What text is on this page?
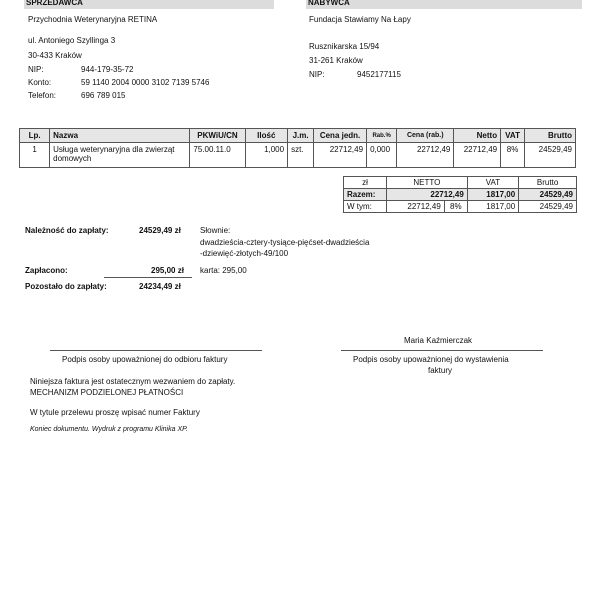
SPRZEDAWCA	NABYWCA
Przychodnia Weterynaryjna RETINA
ul. Antoniego Szyllinga 3
30-433 Kraków
NIP:	944-179-35-72
Konto:	59 1140 2004 0000 3102 7139 5746
Telefon:	696 789 015
Fundacja Stawiamy Na Łapy
Rusznikarska 15/94
31-261 Kraków
NIP:	9452177115
Lp.	Nazwa	PKWiU/CN	Ilość	J.m.	Cena jedn.	Rab.%	Cena (rab.)	Netto	VAT	Brutto
1	Usługa weterynaryjna dla zwierząt domowych	75.00.11.0	1,000	szt.	22712,49	0,000	22712,49	22712,49	8%	24529,49
zł	NETTO		VAT	Brutto
Razem:	22712,49		1817,00	24529,49
W tym:	22712,49	8%	1817,00	24529,49
Należność do zapłaty:	24529,49 zł Słownie:
dwadzieścia-cztery-tysiące-pięćset-dwadzieścia
-dziewięć-złotych-49/100
Zapłacono:	295,00 zł karta: 295,00
Pozostało do zapłaty:	24234,49 zł
Maria Kaźmierczak
Podpis osoby upoważnionej do odbioru faktury	Podpis osoby upoważnionej do wystawienia
faktury
Niniejsza faktura jest ostatecznym wezwaniem do zapłaty.
MECHANIZM PODZIELONEJ PŁATNOŚCI
W tytule przelewu proszę wpisać numer Faktury
Koniec dokumentu. Wydruk z programu Klinika XP.
